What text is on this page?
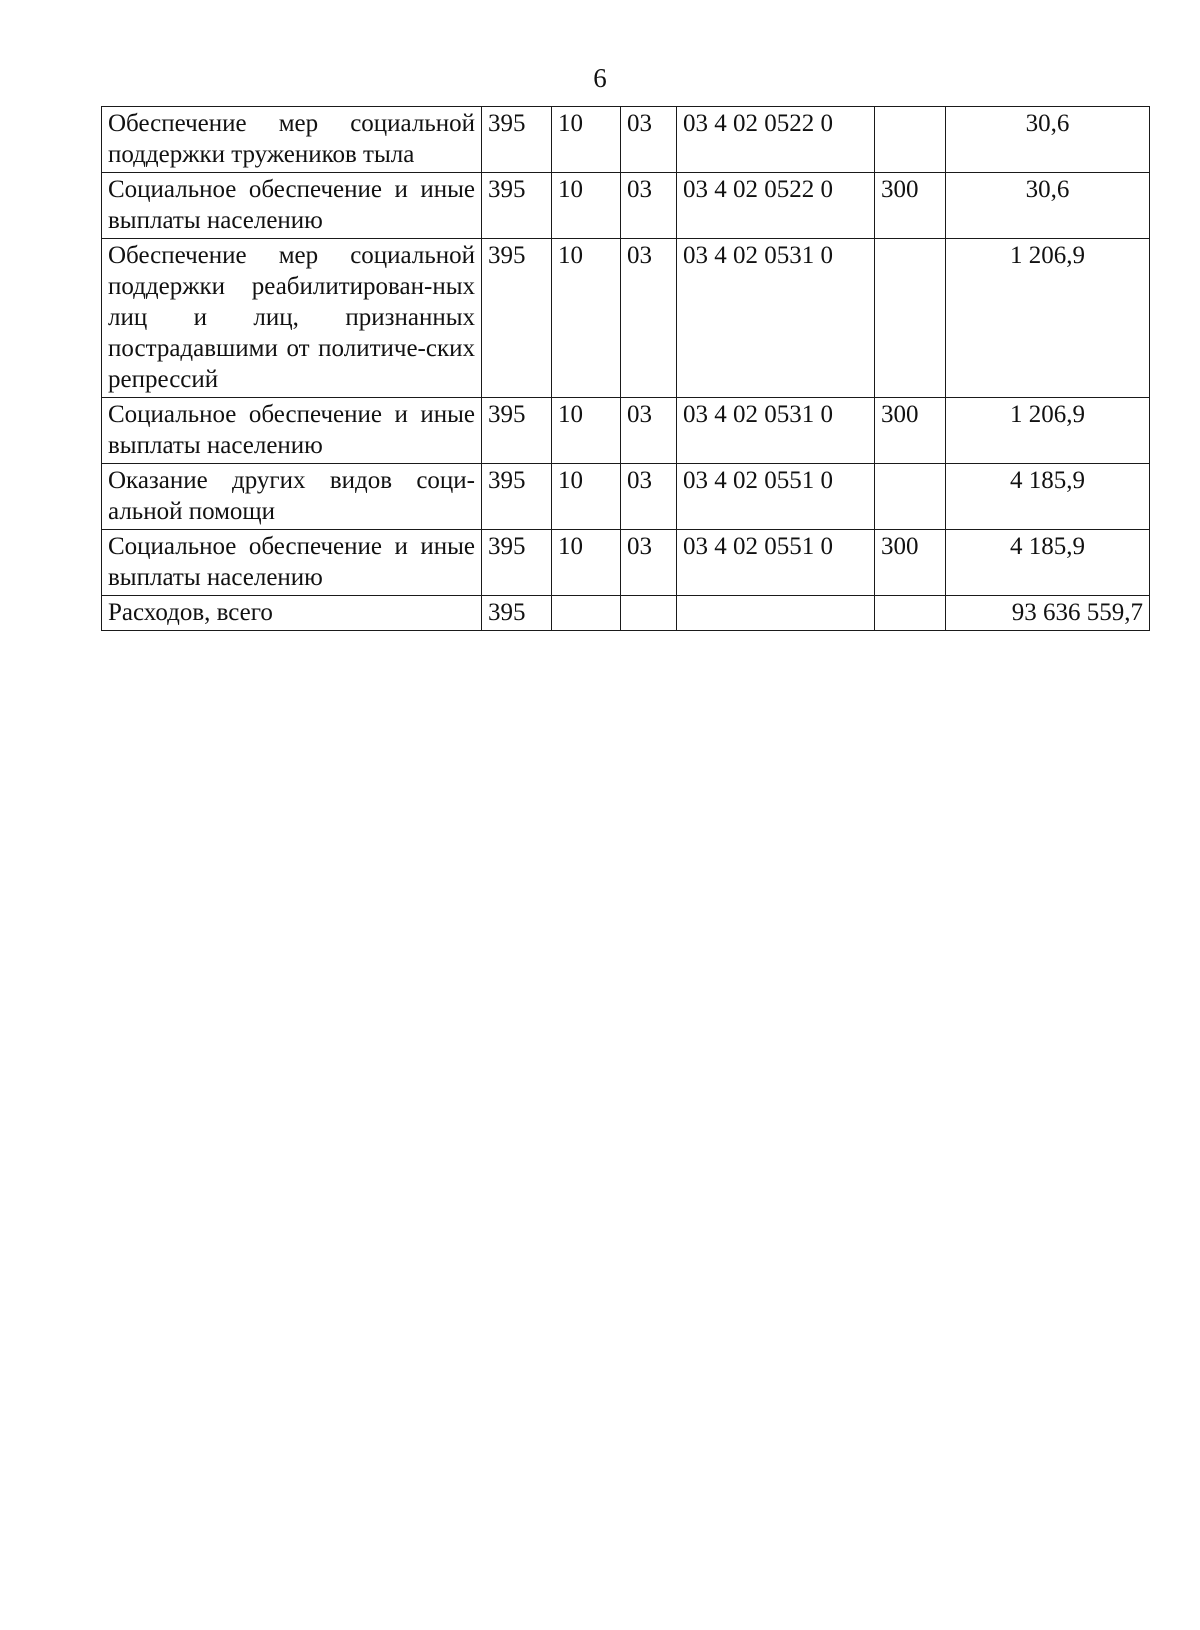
6
Обеспечение мер социальной поддержки тружеников тыла	395	10	03	03 4 02 0522 0		30,6
Социальное обеспечение и иные выплаты населению	395	10	03	03 4 02 0522 0	300	30,6
Обеспечение мер социальной поддержки реабилитирован-ных лиц и лиц, признанных пострадавшими от политиче-ских репрессий	395	10	03	03 4 02 0531 0		1 206,9
Социальное обеспечение и иные выплаты населению	395	10	03	03 4 02 0531 0	300	1 206,9
Оказание других видов соци-альной помощи	395	10	03	03 4 02 0551 0		4 185,9
Социальное обеспечение и иные выплаты населению	395	10	03	03 4 02 0551 0	300	4 185,9
Расходов, всего	395					93 636 559,7
